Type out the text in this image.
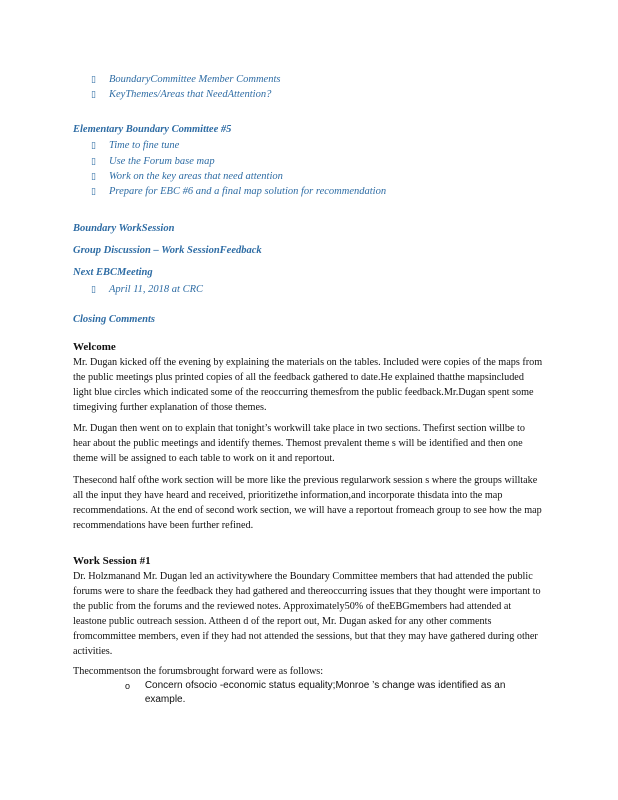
▯	BoundaryCommittee Member Comments
▯	KeyThemes/Areas that NeedAttention?
Elementary Boundary Committee #5
▯	Time to fine tune
▯	Use the Forum base map
▯	Work on the key areas that need attention
▯	Prepare for EBC #6 and a final map solution for recommendation
Boundary WorkSession
Group Discussion – Work SessionFeedback
Next EBCMeeting
▯	April 11, 2018 at CRC
Closing Comments
Welcome

Mr. Dugan kicked off the evening by explaining the materials on the tables. Included were copies of the maps from the public meetings plus printed copies of all the feedback gathered to date.He explained thatthe mapsincluded light blue circles which indicated some of the reoccurring themesfrom the public feedback.Mr.Dugan spent some timegiving further explanation of those themes.

Mr. Dugan then went on to explain that tonight’s workwill take place in two sections. Thefirst section willbe to hear about the public meetings and identify themes. Themost prevalent theme s will be identified and then one theme will be assigned to each table to work on it and reportout.

Thesecond half ofthe work section will be more like the previous regularwork session s where the groups willtake all the input they have heard and received, prioritizethe information,and incorporate thisdata into the map recommendations. At the end of second work section, we will have a reportout fromeach group to see how the map recommendations have been further refined.

Work Session #1

Dr. Holzmanand Mr. Dugan led an activitywhere the Boundary Committee members that had attended the public forums were to share the feedback they had gathered and thereoccurring issues that they thought were important to the public from the forums and the reviewed notes. Approximately50% of theEBGmembers had attended at leastone public outreach session. Attheen d of the report out, Mr. Dugan asked for any other comments fromcommittee members, even if they had not attended the sessions, but that they may have gathered during other activities.

Thecommentson the forumsbrought forward were as follows:

o	Concern ofsocio -economic status equality;Monroe ’s change was identified as an example.
